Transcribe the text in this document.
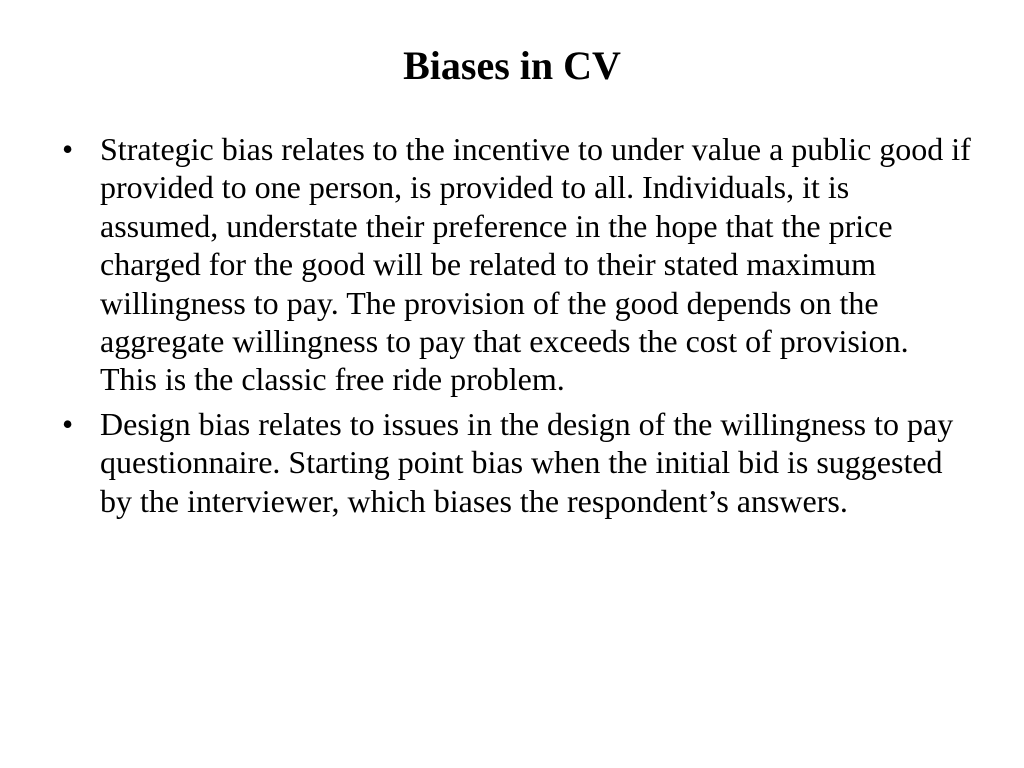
Biases in CV
• Strategic bias relates to the incentive to under value a public good if provided to one person, is provided to all. Individuals, it is assumed, understate their preference in the hope that the price charged for the good will be related to their stated maximum willingness to pay. The provision of the good depends on the aggregate willingness to pay that exceeds the cost of provision. This is the classic free ride problem.
• Design bias relates to issues in the design of the willingness to pay questionnaire. Starting point bias when the initial bid is suggested by the interviewer, which biases the respondent’s answers.
